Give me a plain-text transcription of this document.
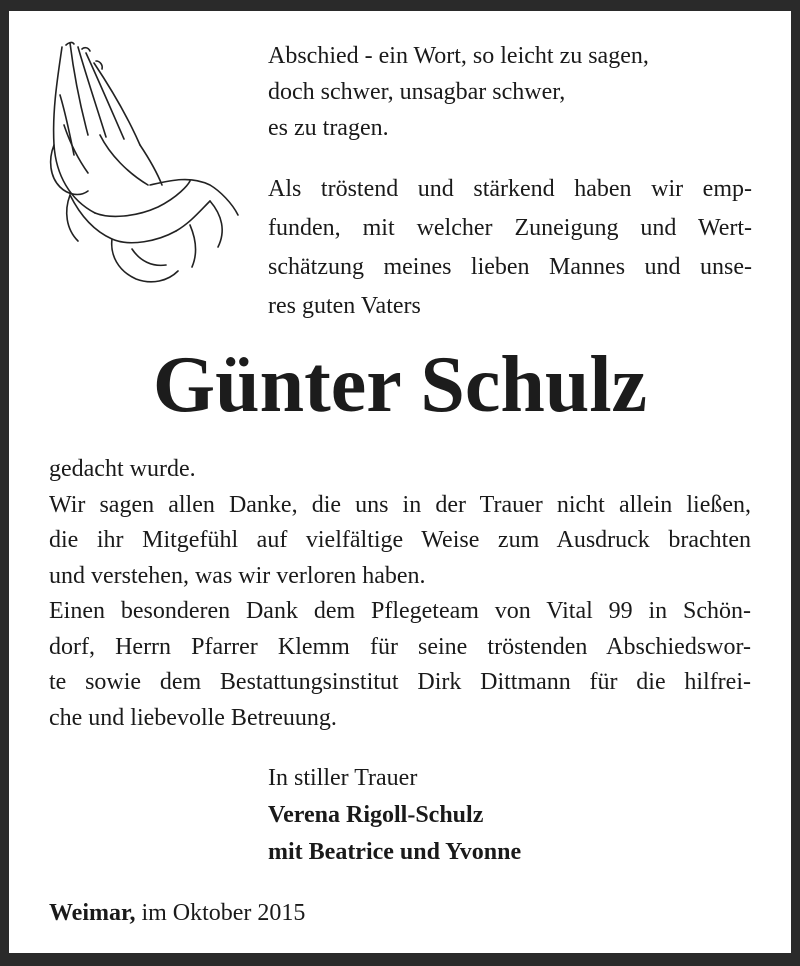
Abschied - ein Wort, so leicht zu sagen,
doch schwer, unsagbar schwer,
es zu tragen.
Als tröstend und stärkend haben wir emp-
funden, mit welcher Zuneigung und Wert-
schätzung meines lieben Mannes und unse-
res guten Vaters
Günter Schulz
gedacht wurde.
Wir sagen allen Danke, die uns in der Trauer nicht allein ließen,
die ihr Mitgefühl auf vielfältige Weise zum Ausdruck brachten
und verstehen, was wir verloren haben.
Einen besonderen Dank dem Pflegeteam von Vital 99 in Schön-
dorf, Herrn Pfarrer Klemm für seine tröstenden Abschiedswor-
te sowie dem Bestattungsinstitut Dirk Dittmann für die hilfrei-
che und liebevolle Betreuung.
In stiller Trauer
Verena Rigoll-Schulz
mit Beatrice und Yvonne
Weimar, im Oktober 2015
